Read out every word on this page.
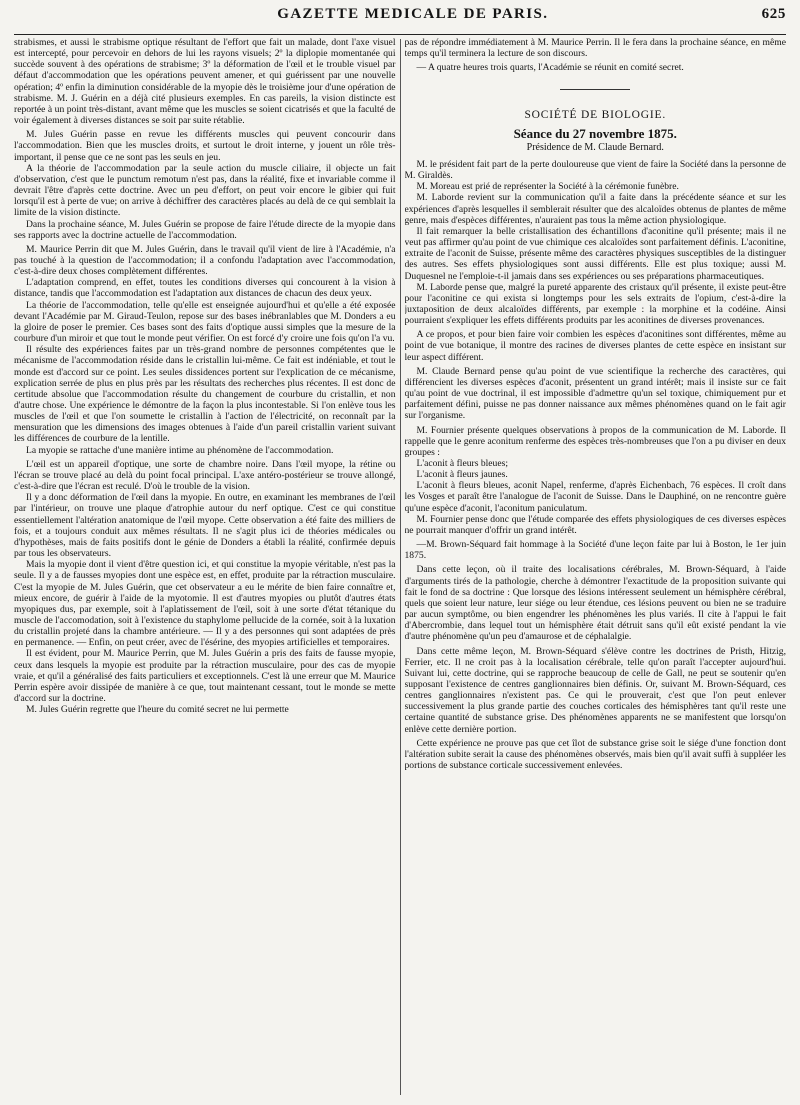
GAZETTE MEDICALE DE PARIS.	625

strabismes, et aussi le strabisme optique résultant de l'effort que fait un malade, dont l'axe visuel est intercepté, pour percevoir en dehors de lui les rayons visuels; 2º la diplopie momentanée qui succède souvent à des opérations de strabisme; 3º la déformation de l'œil et le trouble visuel par défaut d'accommodation que les opérations peuvent amener, et qui guérissent par une nouvelle opération; 4º enfin la diminution considérable de la myopie dès le troisième jour d'une opération de strabisme. M. J. Guérin en a déjà cité plusieurs exemples. En cas pareils, la vision distincte est reportée à un point très-distant, avant même que les muscles se soient cicatrisés et que la faculté de voir également à diverses distances se soit par suite rétablie.

M. Jules Guérin passe en revue les différents muscles qui peuvent concourir dans l'accommodation. Bien que les muscles droits, et surtout le droit interne, y jouent un rôle très-important, il pense que ce ne sont pas les seuls en jeu.

A la théorie de l'accommodation par la seule action du muscle ciliaire, il objecte un fait d'observation, c'est que le punctum remotum n'est pas, dans la réalité, fixe et invariable comme il devrait l'être d'après cette doctrine. Avec un peu d'effort, on peut voir encore le gibier qui fuit lorsqu'il est à perte de vue; on arrive à déchiffrer des caractères placés au delà de ce qui semblait la limite de la vision distincte.

Dans la prochaine séance, M. Jules Guérin se propose de faire l'étude directe de la myopie dans ses rapports avec la doctrine actuelle de l'accommodation.

M. Maurice Perrin dit que M. Jules Guérin, dans le travail qu'il vient de lire à l'Académie, n'a pas touché à la question de l'accommodation; il a confondu l'adaptation avec l'accommodation, c'est-à-dire deux choses complètement différentes.

L'adaptation comprend, en effet, toutes les conditions diverses qui concourent à la vision à distance, tandis que l'accommodation est l'adaptation aux distances de chacun des deux yeux.

La théorie de l'accommodation, telle qu'elle est enseignée aujourd'hui et qu'elle a été exposée devant l'Académie par M. Giraud-Teulon, repose sur des bases inébranlables que M. Donders a eu la gloire de poser le premier. Ces bases sont des faits d'optique aussi simples que la mesure de la courbure d'un miroir et que tout le monde peut vérifier. On est forcé d'y croire une fois qu'on l'a vu.

Il résulte des expériences faites par un très-grand nombre de personnes compétentes que le mécanisme de l'accommodation réside dans le cristallin lui-même. Ce fait est indéniable, et tout le monde est d'accord sur ce point. Les seules dissidences portent sur l'explication de ce mécanisme, explication serrée de plus en plus près par les résultats des recherches plus récentes. Il est donc de certitude absolue que l'accommodation résulte du changement de courbure du cristallin, et non d'autre chose. Une expérience le démontre de la façon la plus incontestable. Si l'on enlève tous les muscles de l'œil et que l'on soumette le cristallin à l'action de l'électricité, on reconnaît par la mensuration que les dimensions des images obtenues à l'aide d'un pareil cristallin varient suivant les différences de courbure de la lentille.

La myopie se rattache d'une manière intime au phénomène de l'accommodation.

L'œil est un appareil d'optique, une sorte de chambre noire. Dans l'œil myope, la rétine ou l'écran se trouve placé au delà du point focal principal. L'axe antéro-postérieur se trouve allongé, c'est-à-dire que l'écran est reculé. D'où le trouble de la vision.

Il y a donc déformation de l'œil dans la myopie. En outre, en examinant les membranes de l'œil par l'intérieur, on trouve une plaque d'atrophie autour du nerf optique. C'est ce qui constitue essentiellement l'altération anatomique de l'œil myope. Cette observation a été faite des milliers de fois, et a toujours conduit aux mêmes résultats. Il ne s'agit plus ici de théories médicales ou d'hypothèses, mais de faits positifs dont le génie de Donders a établi la réalité, confirmée depuis par tous les observateurs.

Mais la myopie dont il vient d'être question ici, et qui constitue la myopie véritable, n'est pas la seule. Il y a de fausses myopies dont une espèce est, en effet, produite par la rétraction musculaire. C'est la myopie de M. Jules Guérin, que cet observateur a eu le mérite de bien faire connaître et, mieux encore, de guérir à l'aide de la myotomie. Il est d'autres myopies ou plutôt d'autres états myopiques dus, par exemple, soit à l'aplatissement de l'œil, soit à une sorte d'état tétanique du muscle de l'accomodation, soit à l'existence du staphylome pellucide de la cornée, soit à la luxation du cristallin projeté dans la chambre antérieure. — Il y a des personnes qui sont adaptées de près en permanence. — Enfin, on peut créer, avec de l'ésérine, des myopies artificielles et temporaires.

Il est évident, pour M. Maurice Perrin, que M. Jules Guérin a pris des faits de fausse myopie, ceux dans lesquels la myopie est produite par la rétraction musculaire, pour des cas de myopie vraie, et qu'il a généralisé des faits particuliers et exceptionnels. C'est là une erreur que M. Maurice Perrin espère avoir dissipée de manière à ce que, tout maintenant cessant, tout le monde se mette d'accord sur la doctrine.

M. Jules Guérin regrette que l'heure du comité secret ne lui permette

pas de répondre immédiatement à M. Maurice Perrin. Il le fera dans la prochaine séance, en même temps qu'il terminera la lecture de son discours.

— A quatre heures trois quarts, l'Académie se réunit en comité secret.

SOCIÉTÉ DE BIOLOGIE.
Séance du 27 novembre 1875.
Présidence de M. Claude Bernard.

M. le président fait part de la perte douloureuse que vient de faire la Société dans la personne de M. Giraldès.

M. Moreau est prié de représenter la Société à la cérémonie funèbre.

M. Laborde revient sur la communication qu'il a faite dans la précédente séance et sur les expériences d'après lesquelles il semblerait résulter que des alcaloïdes obtenus de plantes de même genre, mais d'espèces différentes, n'auraient pas tous la même action physiologique.

Il fait remarquer la belle cristallisation des échantillons d'aconitine qu'il présente; mais il ne veut pas affirmer qu'au point de vue chimique ces alcaloïdes sont parfaitement définis. L'aconitine, extraite de l'aconit de Suisse, présente même des caractères physiques susceptibles de la distinguer des autres. Ses effets physiologiques sont aussi différents. Elle est plus toxique; aussi M. Duquesnel ne l'emploie-t-il jamais dans ses expériences ou ses préparations pharmaceutiques.

M. Laborde pense que, malgré la pureté apparente des cristaux qu'il présente, il existe peut-être pour l'aconitine ce qui exista si longtemps pour les sels extraits de l'opium, c'est-à-dire la juxtaposition de deux alcaloïdes différents, par exemple : la morphine et la codéine. Ainsi pourraient s'expliquer les effets différents produits par les aconitines de diverses provenances.

A ce propos, et pour bien faire voir combien les espèces d'aconitines sont différentes, même au point de vue botanique, il montre des racines de diverses plantes de cette espèce en insistant sur leur aspect différent.

M. Claude Bernard pense qu'au point de vue scientifique la recherche des caractères, qui différencient les diverses espèces d'aconit, présentent un grand intérêt; mais il insiste sur ce fait qu'au point de vue doctrinal, il est impossible d'admettre qu'un sel toxique, chimiquement pur et parfaitement défini, puisse ne pas donner naissance aux mêmes phénomènes quand on le fait agir sur l'organisme.

M. Fournier présente quelques observations à propos de la communication de M. Laborde. Il rappelle que le genre aconitum renferme des espèces très-nombreuses que l'on a pu diviser en deux groupes :

L'aconit à fleurs bleues;
L'aconit à fleurs jaunes.

L'aconit à fleurs bleues, aconit Napel, renferme, d'après Eichenbach, 76 espèces. Il croît dans les Vosges et paraît être l'analogue de l'aconit de Suisse. Dans le Dauphiné, on ne rencontre guère qu'une espèce d'aconit, l'aconitum paniculatum.

M. Fournier pense donc que l'étude comparée des effets physiologiques de ces diverses espèces ne pourrait manquer d'offrir un grand intérêt.

—M. Brown-Séquard fait hommage à la Société d'une leçon faite par lui à Boston, le 1er juin 1875.

Dans cette leçon, où il traite des localisations cérébrales, M. Brown-Séquard, à l'aide d'arguments tirés de la pathologie, cherche à démontrer l'exactitude de la proposition suivante qui fait le fond de sa doctrine : Que lorsque des lésions intéressent seulement un hémisphère cérébral, quels que soient leur nature, leur siége ou leur étendue, ces lésions peuvent ou bien ne se traduire par aucun symptôme, ou bien engendrer les phénomènes les plus variés. Il cite à l'appui le fait d'Abercrombie, dans lequel tout un hémisphère était détruit sans qu'il eût existé pendant la vie d'autre phénomène qu'un peu d'amaurose et de céphalalgie.

Dans cette même leçon, M. Brown-Séquard s'élève contre les doctrines de Pristh, Hitzig, Ferrier, etc. Il ne croit pas à la localisation cérébrale, telle qu'on paraît l'accepter aujourd'hui. Suivant lui, cette doctrine, qui se rapproche beaucoup de celle de Gall, ne peut se soutenir qu'en supposant l'existence de centres ganglionnaires bien définis. Or, suivant M. Brown-Séquard, ces centres ganglionnaires n'existent pas. Ce qui le prouverait, c'est que l'on peut enlever successivement la plus grande partie des couches corticales des hémisphères tant qu'il reste une certaine quantité de substance grise. Des phénomènes apparents ne se manifestent que lorsqu'on enlève cette dernière portion.

Cette expérience ne prouve pas que cet îlot de substance grise soit le siége d'une fonction dont l'altération subite serait la cause des phénomènes observés, mais bien qu'il avait suffi à suppléer les portions de substance corticale successivement enlevées.
